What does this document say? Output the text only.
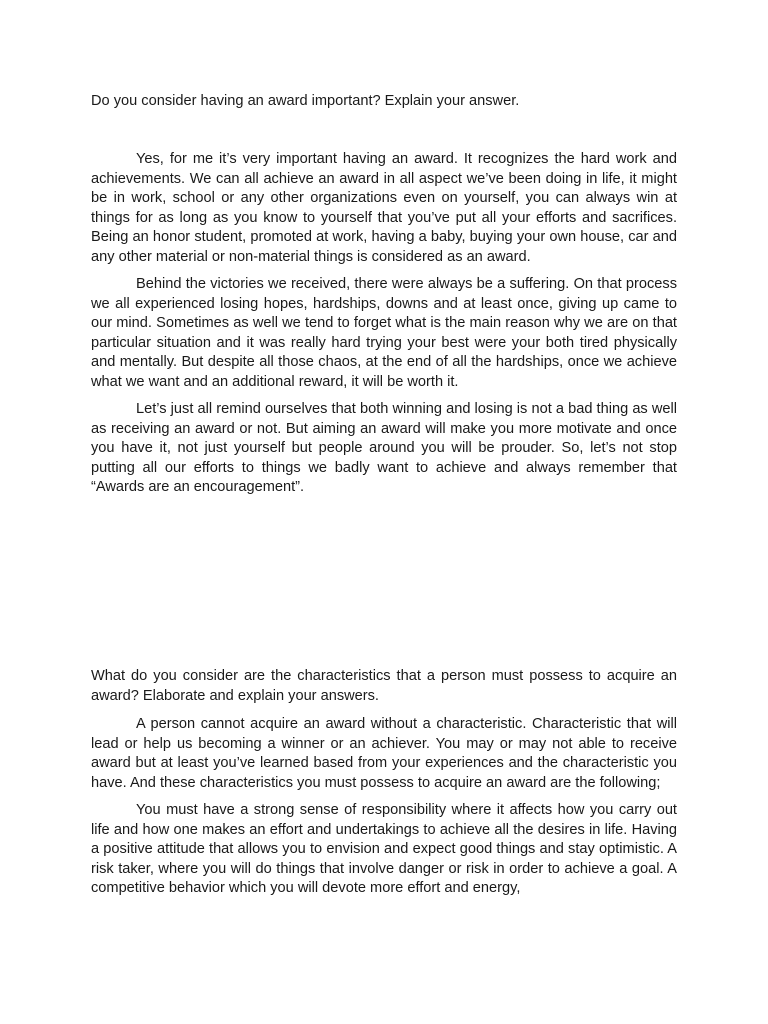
Do you consider having an award important? Explain your answer.

Yes, for me it’s very important having an award. It recognizes the hard work and achievements. We can all achieve an award in all aspect we’ve been doing in life, it might be in work, school or any other organizations even on yourself, you can always win at things for as long as you know to yourself that you’ve put all your efforts and sacrifices. Being an honor student, promoted at work, having a baby, buying your own house, car and any other material or non-material things is considered as an award.

Behind the victories we received, there were always be a suffering. On that process we all experienced losing hopes, hardships, downs and at least once, giving up came to our mind. Sometimes as well we tend to forget what is the main reason why we are on that particular situation and it was really hard trying your best were your both tired physically and mentally. But despite all those chaos, at the end of all the hardships, once we achieve what we want and an additional reward, it will be worth it.

Let’s just all remind ourselves that both winning and losing is not a bad thing as well as receiving an award or not. But aiming an award will make you more motivate and once you have it, not just yourself but people around you will be prouder. So, let’s not stop putting all our efforts to things we badly want to achieve and always remember that “Awards are an encouragement”.

What do you consider are the characteristics that a person must possess to acquire an award? Elaborate and explain your answers.

A person cannot acquire an award without a characteristic. Characteristic that will lead or help us becoming a winner or an achiever. You may or may not able to receive award but at least you’ve learned based from your experiences and the characteristic you have. And these characteristics you must possess to acquire an award are the following;

You must have a strong sense of responsibility where it affects how you carry out life and how one makes an effort and undertakings to achieve all the desires in life. Having a positive attitude that allows you to envision and expect good things and stay optimistic. A risk taker, where you will do things that involve danger or risk in order to achieve a goal. A competitive behavior which you will devote more effort and energy,
